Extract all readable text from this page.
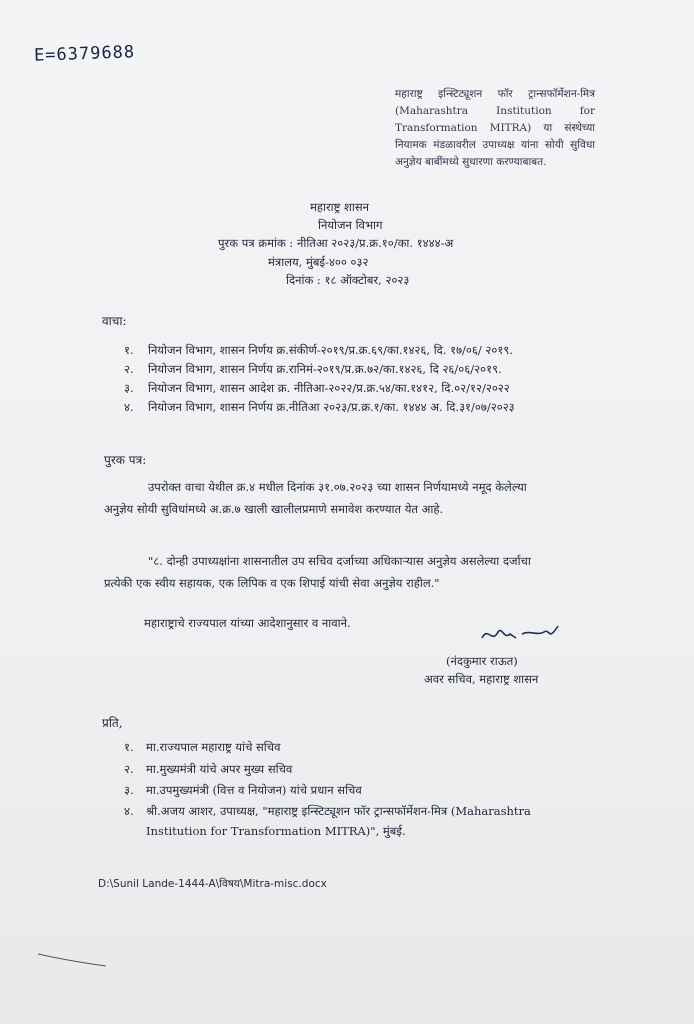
E=6379688
महाराष्ट्र इन्स्टिट्यूशन फॉर ट्रान्सफॉर्मेशन-मित्र (Maharashtra Institution for Transformation MITRA) या संस्थेच्या नियामक मंडळावरील उपाध्यक्ष यांना सोयी सुविधा अनुज्ञेय बाबींमध्ये सुधारणा करण्याबाबत.
महाराष्ट्र शासन
नियोजन विभाग
पुरक पत्र क्रमांक : नीतिआ २०२३/प्र.क्र.१०/का. १४४४-अ
मंत्रालय, मुंबई-४०० ०३२
दिनांक : १८ ऑक्टोबर, २०२३
वाचा:
१. नियोजन विभाग, शासन निर्णय क्र.संकीर्ण-२०१९/प्र.क्र.६९/का.१४२६, दि. १७/०६/ २०१९.
२. नियोजन विभाग, शासन निर्णय क्र.रानिमं-२०१९/प्र.क्र.७२/का.१४२६, दि २६/०६/२०१९.
३. नियोजन विभाग, शासन आदेश क्र. नीतिआ-२०२२/प्र.क्र.५४/का.१४१२, दि.०२/१२/२०२२
४. नियोजन विभाग, शासन निर्णय क्र.नीतिआ २०२३/प्र.क्र.१/का. १४४४ अ. दि.३१/०७/२०२३
पुरक पत्र:
उपरोक्त वाचा येथील क्र.४ मधील दिनांक ३१.०७.२०२३ च्या शासन निर्णयामध्ये नमूद केलेल्या
अनुज्ञेय सोयी सुविधांमध्ये अ.क्र.७ खाली खालीलप्रमाणे समावेश करण्यात येत आहे.
"८. दोन्ही उपाध्यक्षांना शासनातील उप सचिव दर्जाच्या अधिकाऱ्यास अनुज्ञेय असलेल्या दर्जाचा
प्रत्येकी एक स्वीय सहायक, एक लिपिक व एक शिपाई यांची सेवा अनुज्ञेय राहील."
महाराष्ट्राचे राज्यपाल यांच्या आदेशानुसार व नावाने.
(नंदकुमार राऊत)
अवर सचिव, महाराष्ट्र शासन
प्रति,
१. मा.राज्यपाल महाराष्ट्र यांचे सचिव
२. मा.मुख्यमंत्री यांचे अपर मुख्य सचिव
३. मा.उपमुख्यमंत्री (वित्त व नियोजन) यांचे प्रधान सचिव
४. श्री.अजय आशर, उपाध्यक्ष, "महाराष्ट्र इन्स्टिट्यूशन फॉर ट्रान्सफॉर्मेशन-मित्र (Maharashtra
Institution for Transformation MITRA)", मुंबई.
D:\Sunil Lande-1444-A\विषय\Mitra-misc.docx
